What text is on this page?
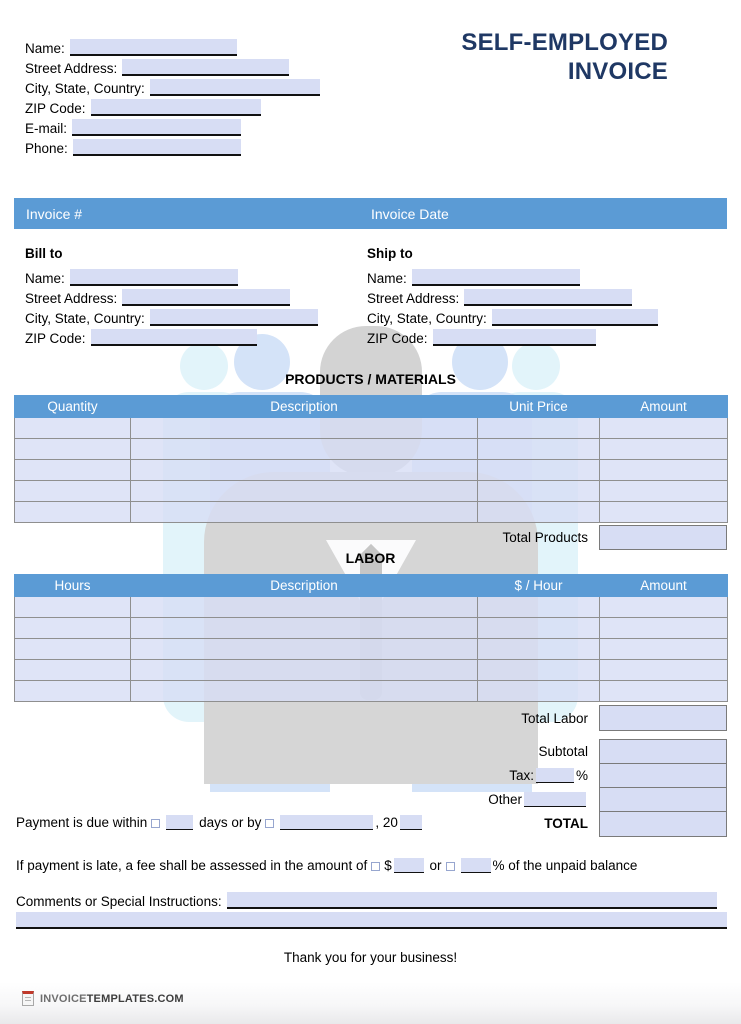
Name:
Street Address:
City, State, Country:
ZIP Code:
E-mail:
Phone:
SELF-EMPLOYED
INVOICE
Invoice #	Invoice Date
Bill to
Name:
Street Address:
City, State, Country:
ZIP Code:
Ship to
Name:
Street Address:
City, State, Country:
ZIP Code:
PRODUCTS / MATERIALS
Quantity	Description	Unit Price	Amount

Total Products
LABOR
Hours	Description	$ / Hour	Amount

Total Labor
Subtotal
Tax:	%
Other
TOTAL
Payment is due within	days or by	, 20
If payment is late, a fee shall be assessed in the amount of $	or	% of the unpaid balance
Comments or Special Instructions:
Thank you for your business!
INVOICE TEMPLATES .COM
